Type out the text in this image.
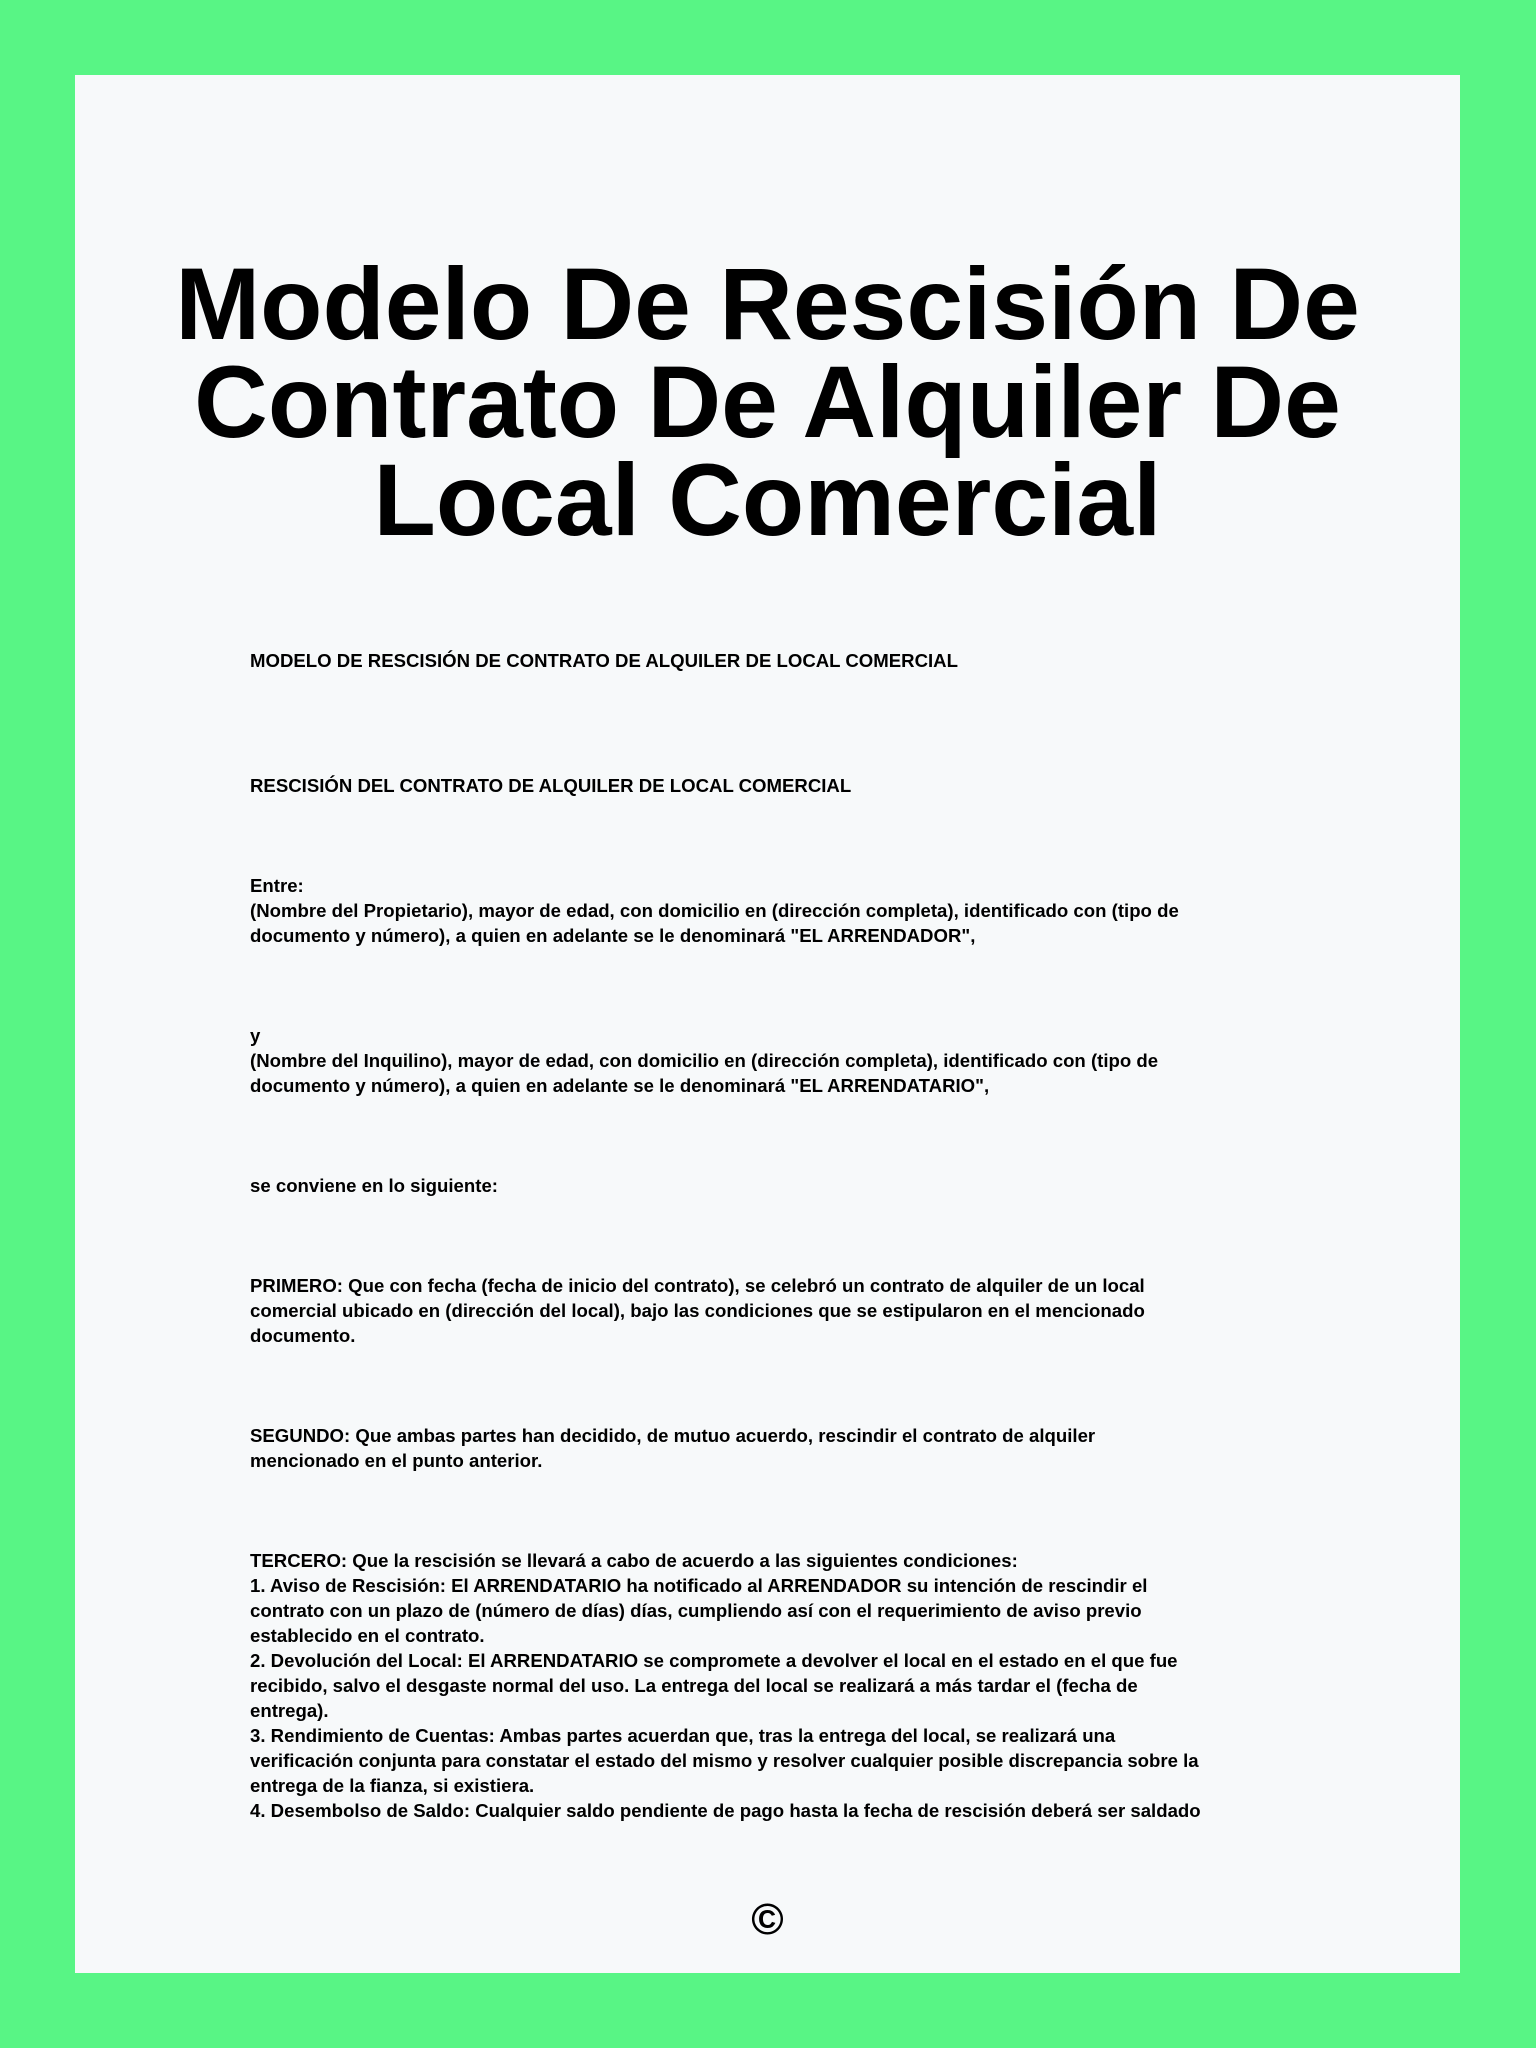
Modelo De Rescisión De
Contrato De Alquiler De
Local Comercial

MODELO DE RESCISIÓN DE CONTRATO DE ALQUILER DE LOCAL COMERCIAL

RESCISIÓN DEL CONTRATO DE ALQUILER DE LOCAL COMERCIAL

Entre:
(Nombre del Propietario), mayor de edad, con domicilio en (dirección completa), identificado con (tipo de
documento y número), a quien en adelante se le denominará "EL ARRENDADOR",

y
(Nombre del Inquilino), mayor de edad, con domicilio en (dirección completa), identificado con (tipo de
documento y número), a quien en adelante se le denominará "EL ARRENDATARIO",

se conviene en lo siguiente:

PRIMERO: Que con fecha (fecha de inicio del contrato), se celebró un contrato de alquiler de un local
comercial ubicado en (dirección del local), bajo las condiciones que se estipularon en el mencionado
documento.

SEGUNDO: Que ambas partes han decidido, de mutuo acuerdo, rescindir el contrato de alquiler
mencionado en el punto anterior.

TERCERO: Que la rescisión se llevará a cabo de acuerdo a las siguientes condiciones:
1. Aviso de Rescisión: El ARRENDATARIO ha notificado al ARRENDADOR su intención de rescindir el
contrato con un plazo de (número de días) días, cumpliendo así con el requerimiento de aviso previo
establecido en el contrato.
2. Devolución del Local: El ARRENDATARIO se compromete a devolver el local en el estado en el que fue
recibido, salvo el desgaste normal del uso. La entrega del local se realizará a más tardar el (fecha de
entrega).
3. Rendimiento de Cuentas: Ambas partes acuerdan que, tras la entrega del local, se realizará una
verificación conjunta para constatar el estado del mismo y resolver cualquier posible discrepancia sobre la
entrega de la fianza, si existiera.
4. Desembolso de Saldo: Cualquier saldo pendiente de pago hasta la fecha de rescisión deberá ser saldado

©
